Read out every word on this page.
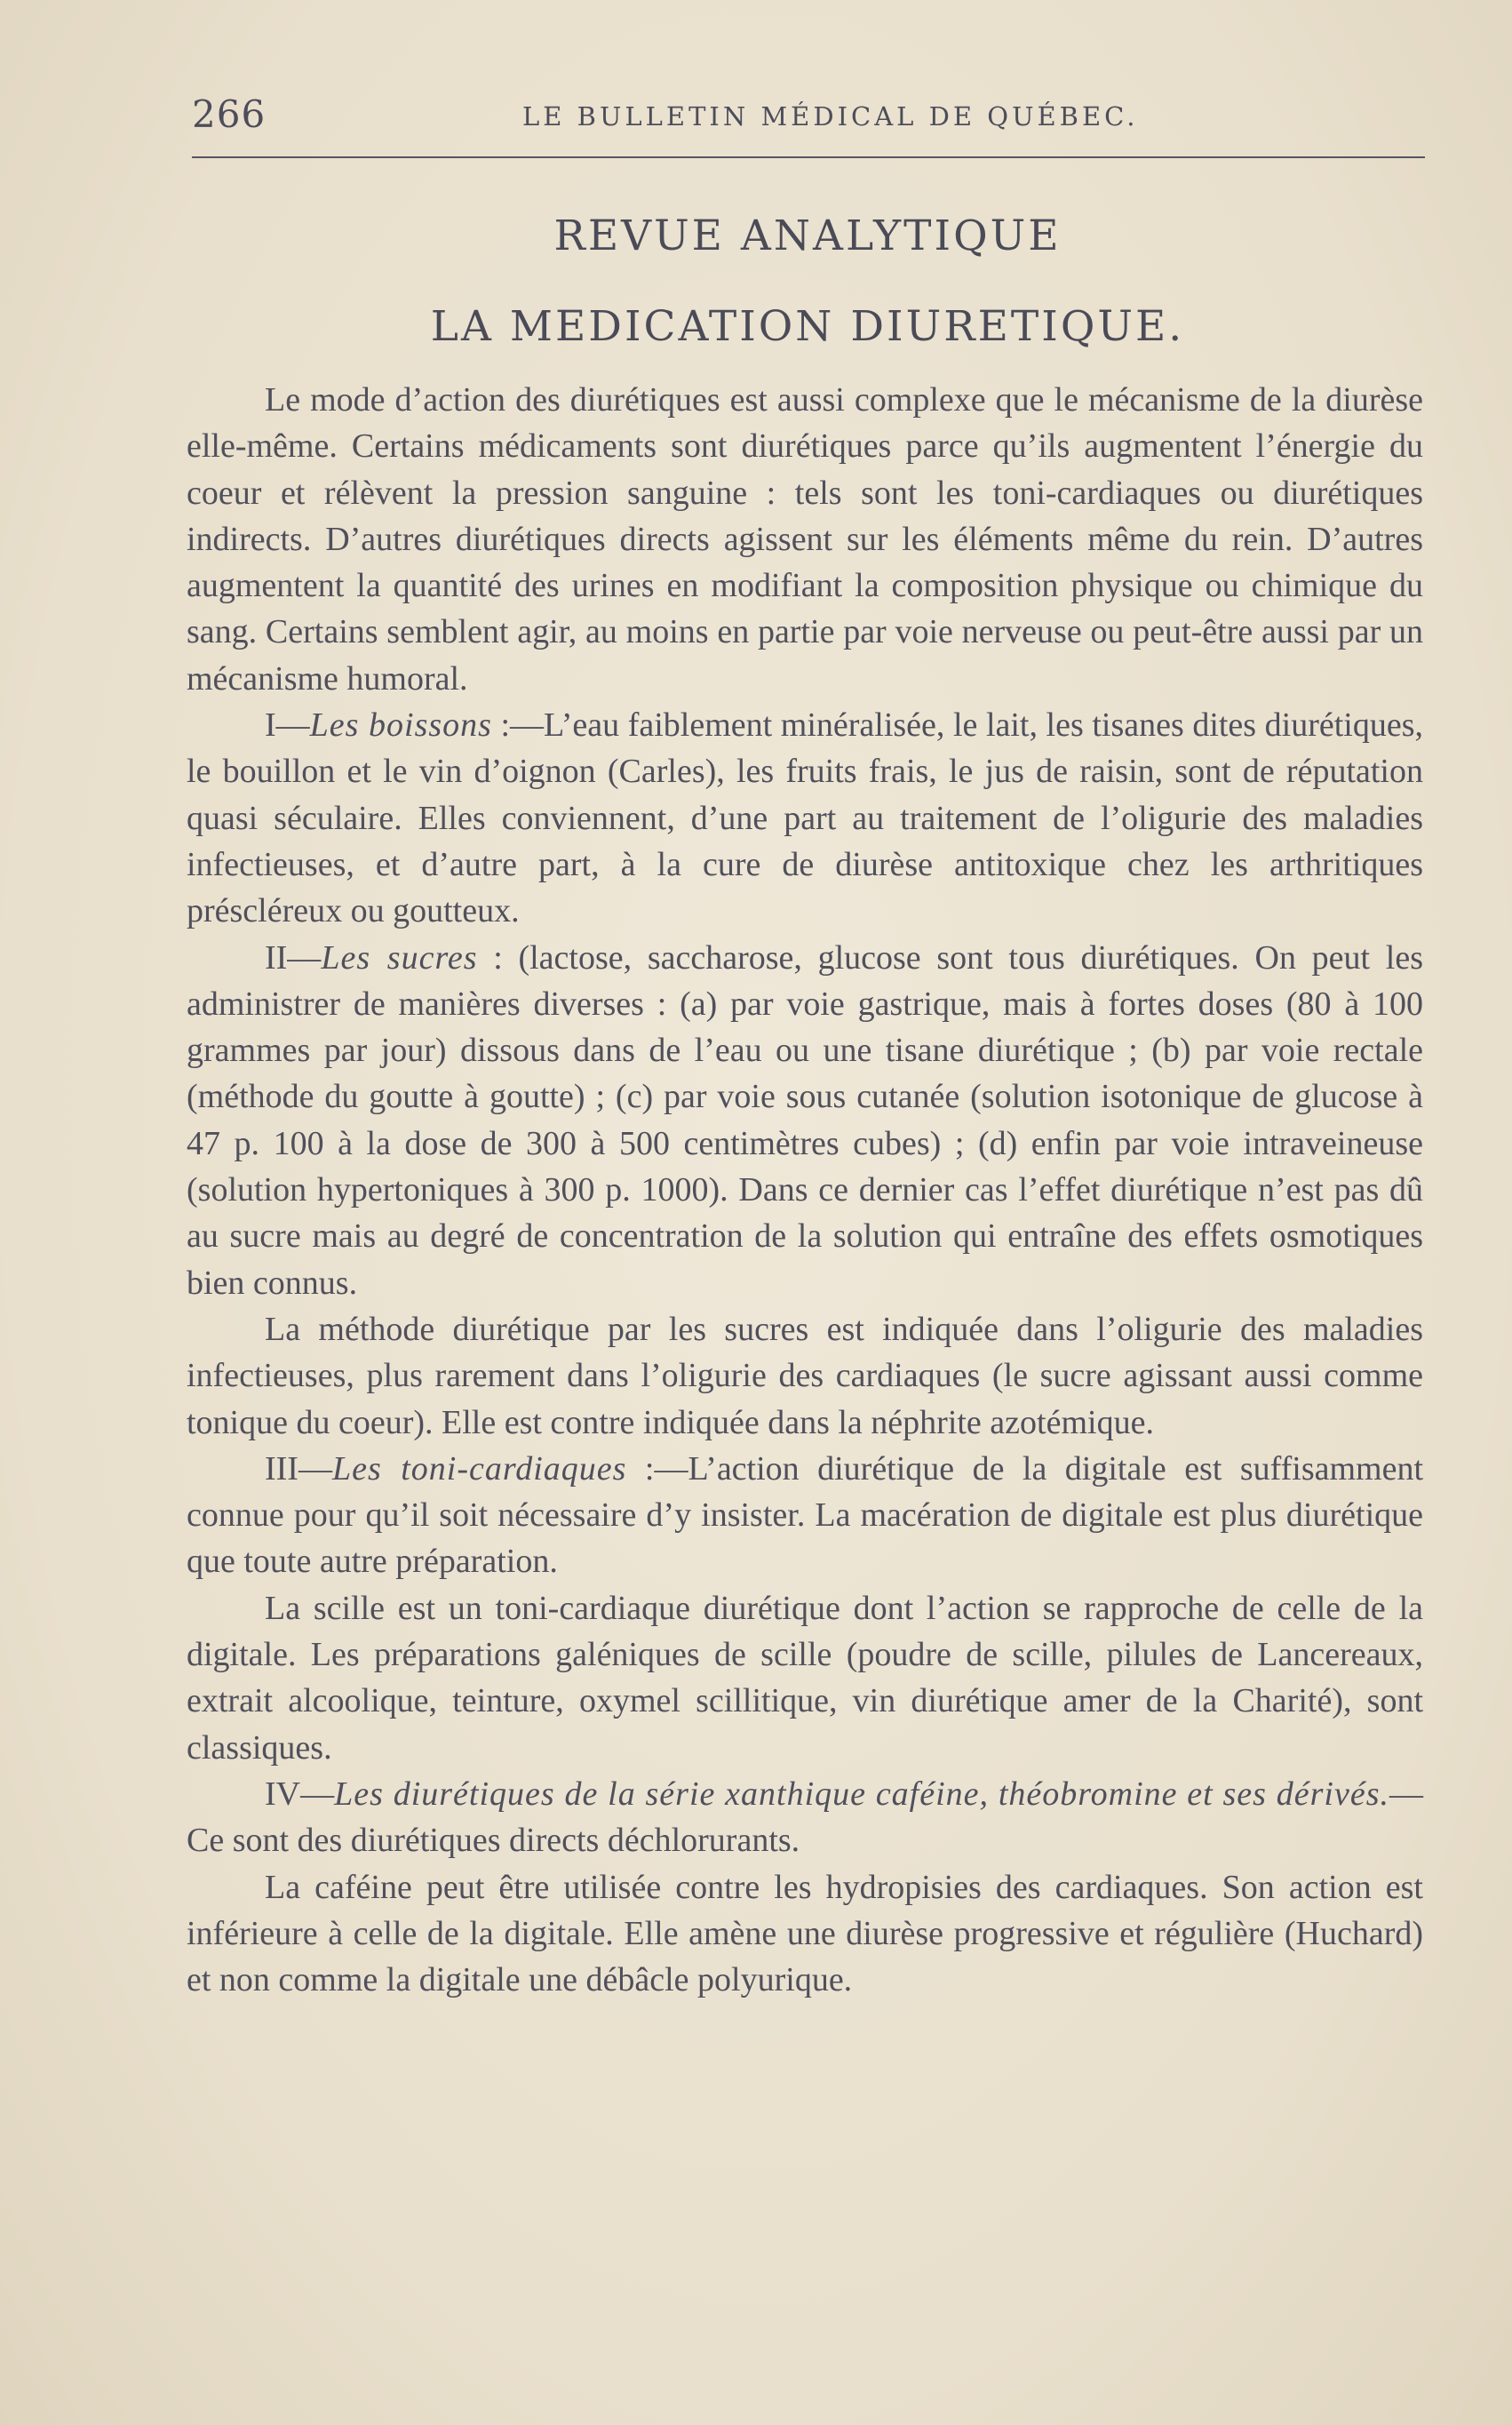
266	LE BULLETIN MÉDICAL DE QUÉBEC.
REVUE ANALYTIQUE
LA MEDICATION DIURETIQUE.

Le mode d’action des diurétiques est aussi complexe que le mécanisme de la diurèse elle-même. Certains médicaments sont diurétiques parce qu’ils augmentent l’énergie du coeur et rélèvent la pression sanguine : tels sont les toni-cardiaques ou diurétiques indirects. D’autres diurétiques directs agissent sur les éléments même du rein. D’autres augmentent la quantité des urines en modifiant la composition physique ou chimique du sang. Certains semblent agir, au moins en partie par voie nerveuse ou peut-être aussi par un mécanisme humoral.

I—Les boissons :—L’eau faiblement minéralisée, le lait, les tisanes dites diurétiques, le bouillon et le vin d’oignon (Carles), les fruits frais, le jus de raisin, sont de réputation quasi séculaire. Elles conviennent, d’une part au traitement de l’oligurie des maladies infectieuses, et d’autre part, à la cure de diurèse antitoxique chez les arthritiques préscléreux ou goutteux.

II—Les sucres : (lactose, saccharose, glucose sont tous diurétiques. On peut les administrer de manières diverses : (a) par voie gastrique, mais à fortes doses (80 à 100 grammes par jour) dissous dans de l’eau ou une tisane diurétique ; (b) par voie rectale (méthode du goutte à goutte) ; (c) par voie sous cutanée (solution isotonique de glucose à 47 p. 100 à la dose de 300 à 500 centimètres cubes) ; (d) enfin par voie intraveineuse (solution hypertoniques à 300 p. 1000). Dans ce dernier cas l’effet diurétique n’est pas dû au sucre mais au degré de concentration de la solution qui entraîne des effets osmotiques bien connus.

La méthode diurétique par les sucres est indiquée dans l’oligurie des maladies infectieuses, plus rarement dans l’oligurie des cardiaques (le sucre agissant aussi comme tonique du coeur). Elle est contre indiquée dans la néphrite azotémique.

III—Les toni-cardiaques :—L’action diurétique de la digitale est suffisamment connue pour qu’il soit nécessaire d’y insister. La macération de digitale est plus diurétique que toute autre préparation.

La scille est un toni-cardiaque diurétique dont l’action se rapproche de celle de la digitale. Les préparations galéniques de scille (poudre de scille, pilules de Lancereaux, extrait alcoolique, teinture, oxymel scillitique, vin diurétique amer de la Charité), sont classiques.

IV—Les diurétiques de la série xanthique caféine, théobromine et ses dérivés.—Ce sont des diurétiques directs déchlorurants.

La caféine peut être utilisée contre les hydropisies des cardiaques. Son action est inférieure à celle de la digitale. Elle amène une diurèse progressive et régulière (Huchard) et non comme la digitale une débâcle polyurique.
